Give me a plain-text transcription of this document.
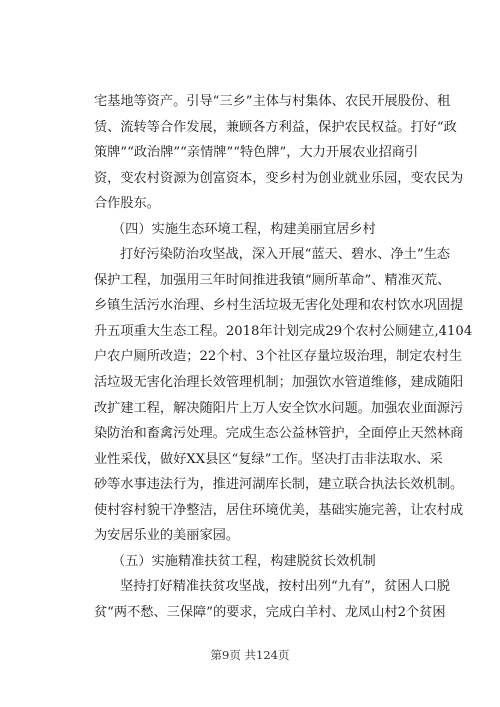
宅基地等资产。引导“三乡”主体与村集体、农民开展股份、租
赁、流转等合作发展，兼顾各方利益，保护农民权益。打好“政
策牌”“政治牌”“亲情牌”“特色牌”，大力开展农业招商引
资，变农村资源为创富资本，变乡村为创业就业乐园，变农民为
合作股东。
（四）实施生态环境工程，构建美丽宜居乡村
打好污染防治攻坚战，深入开展“蓝天、碧水、净土”生态
保护工程，加强用三年时间推进我镇“厕所革命”、精准灭荒、
乡镇生活污水治理、乡村生活垃圾无害化处理和农村饮水巩固提
升五项重大生态工程。2018年计划完成29个农村公厕建立,4104
户农户厕所改造；22个村、3个社区存量垃圾治理，制定农村生
活垃圾无害化治理长效管理机制；加强饮水管道维修，建成随阳
改扩建工程，解决随阳片上万人安全饮水问题。加强农业面源污
染防治和畜禽污处理。完成生态公益林管护，全面停止天然林商
业性采伐，做好XX县区“复绿”工作。坚决打击非法取水、采
砂等水事违法行为，推进河湖库长制，建立联合执法长效机制。
使村容村貌干净整洁，居住环境优美，基础实施完善，让农村成
为安居乐业的美丽家园。
（五）实施精准扶贫工程，构建脱贫长效机制
坚持打好精准扶贫攻坚战，按村出列“九有”，贫困人口脱
贫“两不愁、三保障”的要求，完成白羊村、龙凤山村2个贫困
第9页 共124页
